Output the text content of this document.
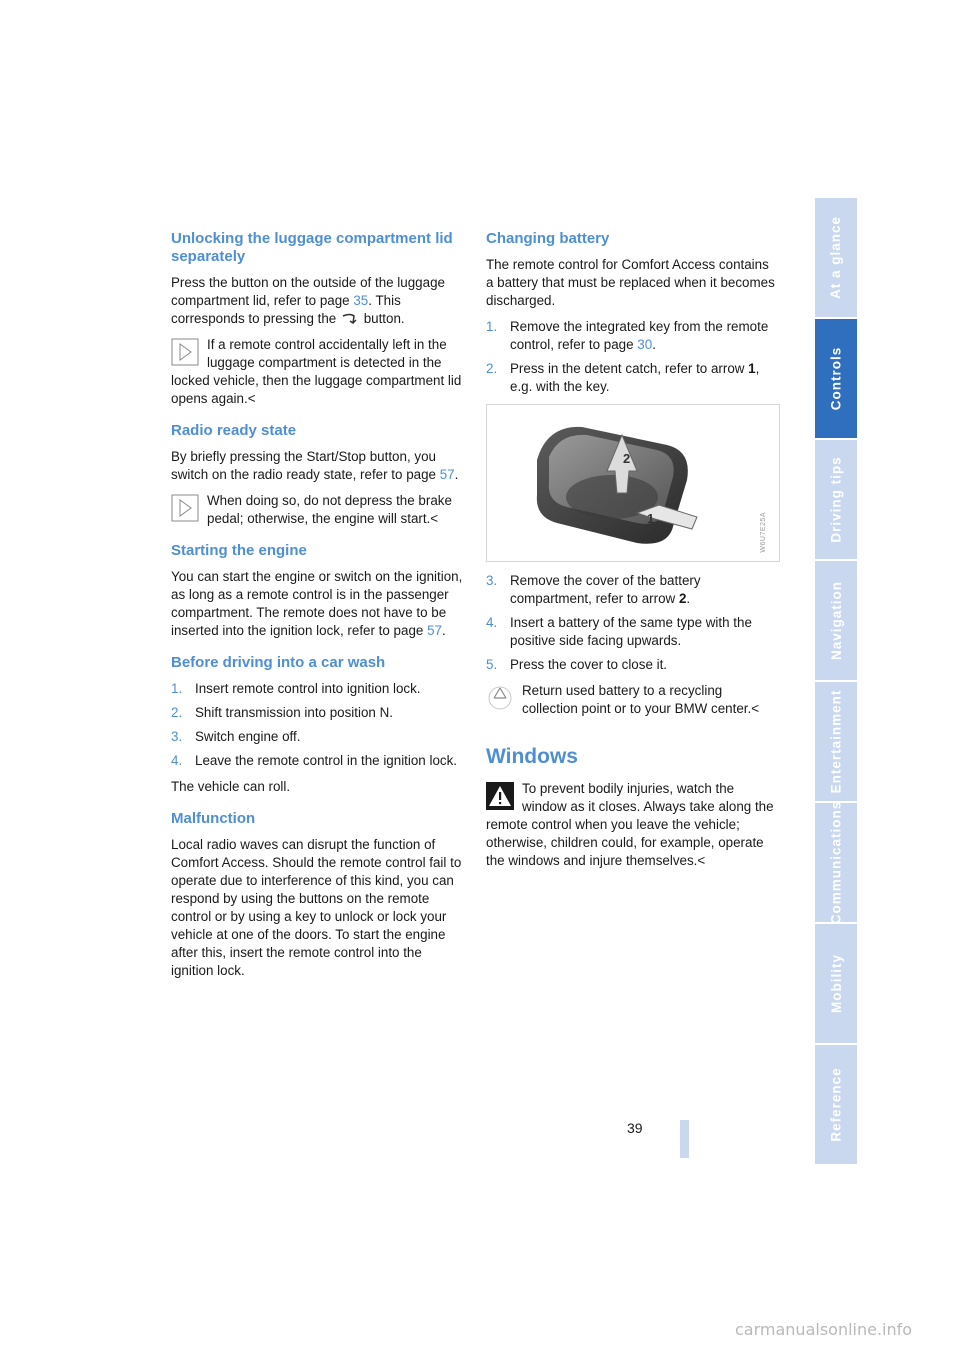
Unlocking the luggage compartment lid separately

Press the button on the outside of the luggage compartment lid, refer to page 35. This corresponds to pressing the  button.

If a remote control accidentally left in the luggage compartment is detected in the locked vehicle, then the luggage compartment lid opens again.<
Radio ready state

By briefly pressing the Start/Stop button, you switch on the radio ready state, refer to page 57.

When doing so, do not depress the brake pedal; otherwise, the engine will start.<
Starting the engine

You can start the engine or switch on the ignition, as long as a remote control is in the passenger compartment. The remote does not have to be inserted into the ignition lock, refer to page 57.

Before driving into a car wash
1. Insert remote control into ignition lock.
2. Shift transmission into position N.
3. Switch engine off.
4. Leave the remote control in the ignition lock.

The vehicle can roll.

Malfunction

Local radio waves can disrupt the function of Comfort Access. Should the remote control fail to operate due to interference of this kind, you can respond by using the buttons on the remote control or by using a key to unlock or lock your vehicle at one of the doors. To start the engine after this, insert the remote control into the ignition lock.

Changing battery

The remote control for Comfort Access contains a battery that must be replaced when it becomes discharged.

1. Remove the integrated key from the remote control, refer to page 30.
2. Press in the detent catch, refer to arrow 1, e.g. with the key.
2
1	W6U7E25A
3. Remove the cover of the battery compartment, refer to arrow 2.
4. Insert a battery of the same type with the positive side facing upwards.
5. Press the cover to close it.
Return used battery to a recycling collection point or to your BMW center.<
Windows
To prevent bodily injuries, watch the window as it closes. Always take along the remote control when you leave the vehicle; otherwise, children could, for example, operate the windows and injure themselves.<
At a glance
Controls
Driving tips
Navigation
Entertainment
Communications
Mobility
Reference
39
carmanualsonline.info
